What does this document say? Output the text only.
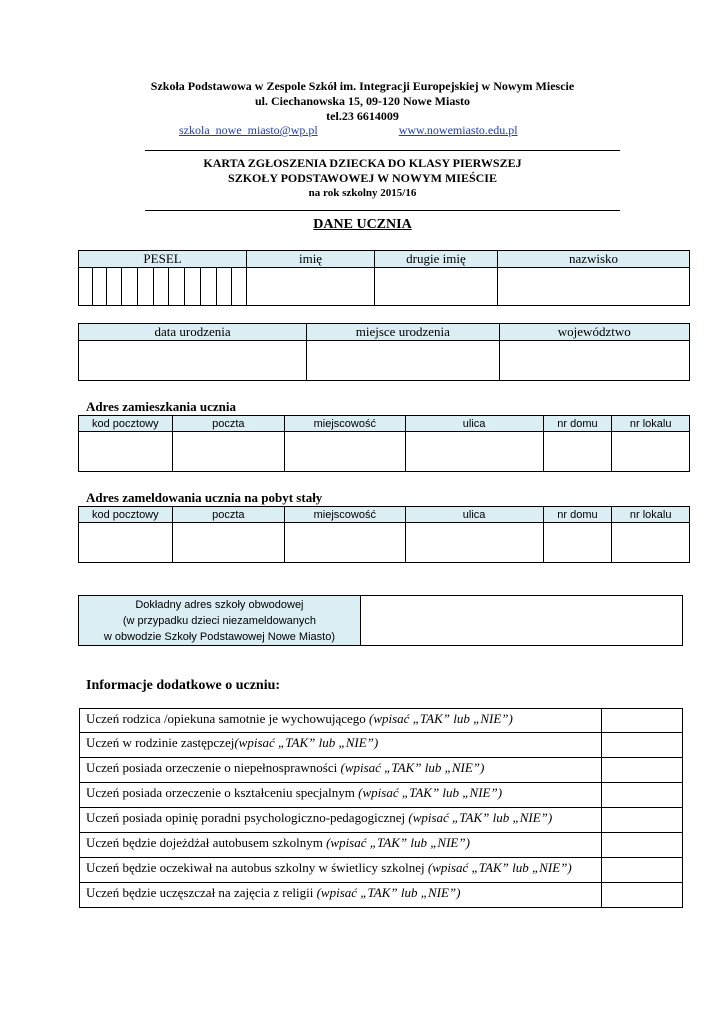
Szkoła Podstawowa w Zespole Szkół im. Integracji Europejskiej w Nowym Miescie
ul. Ciechanowska 15, 09-120 Nowe Miasto
tel.23 6614009
szkola_nowe_miasto@wp.pl	www.nowemiasto.edu.pl
KARTA ZGŁOSZENIA DZIECKA DO KLASY PIERWSZEJ
SZKOŁY PODSTAWOWEJ W NOWYM MIEŚCIE
na rok szkolny 2015/16
DANE UCZNIA
PESEL											imię	drugie imię	nazwisko

data urodzenia	miejsce urodzenia	województwo

Adres zamieszkania ucznia
kod pocztowy	poczta	miejscowość	ulica	nr domu	nr lokalu

Adres zameldowania ucznia na pobyt stały
kod pocztowy	poczta	miejscowość	ulica	nr domu	nr lokalu

Dokładny adres szkoły obwodowej
(w przypadku dzieci niezameldowanych
w obwodzie Szkoły Podstawowej Nowe Miasto)

Informacje dodatkowe o uczniu:
Uczeń rodzica /opiekuna samotnie je wychowującego (wpisać „TAK” lub „NIE”)	
Uczeń w rodzinie zastępczej(wpisać „TAK” lub „NIE”)	
Uczeń posiada orzeczenie o niepełnosprawności (wpisać „TAK” lub „NIE”)	
Uczeń posiada orzeczenie o kształceniu specjalnym (wpisać „TAK” lub „NIE”)	

Uczeń posiada opinię poradni psychologiczno-pedagogicznej (wpisać „TAK” lub „NIE”)	

Uczeń będzie dojeżdżał autobusem szkolnym (wpisać „TAK” lub „NIE”)	

Uczeń będzie oczekiwał na autobus szkolny w świetlicy szkolnej (wpisać „TAK” lub „NIE”)	

Uczeń będzie uczęszczał na zajęcia z religii (wpisać „TAK” lub „NIE”)	
